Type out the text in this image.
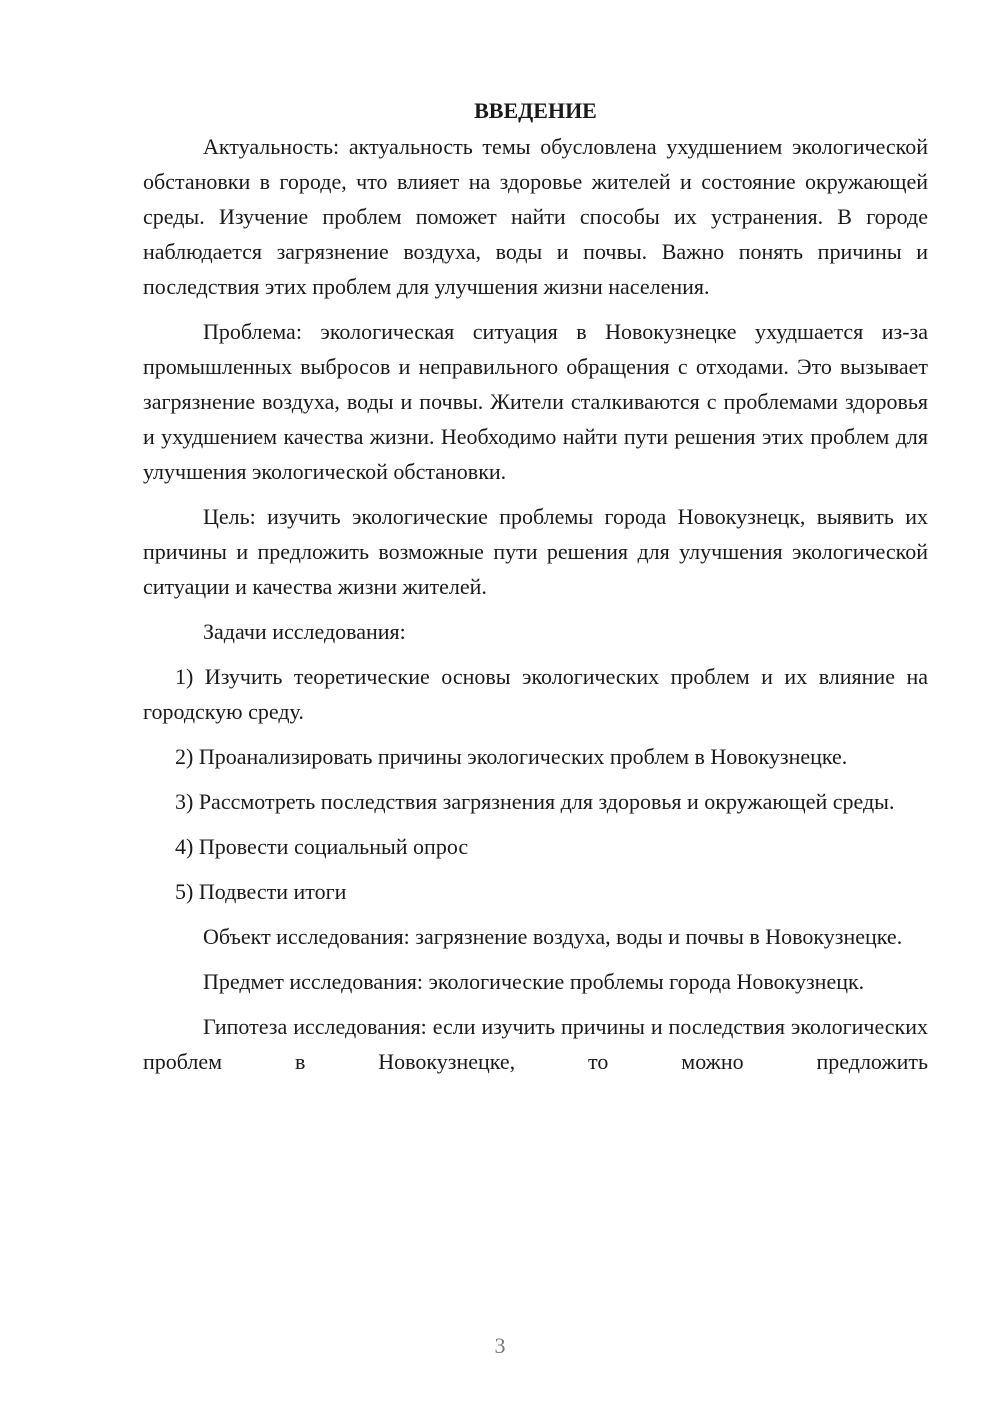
ВВЕДЕНИЕ

Актуальность: актуальность темы обусловлена ухудшением экологической обстановки в городе, что влияет на здоровье жителей и состояние окружающей среды. Изучение проблем поможет найти способы их устранения. В городе наблюдается загрязнение воздуха, воды и почвы. Важно понять причины и последствия этих проблем для улучшения жизни населения.

Проблема: экологическая ситуация в Новокузнецке ухудшается из-за промышленных выбросов и неправильного обращения с отходами. Это вызывает загрязнение воздуха, воды и почвы. Жители сталкиваются с проблемами здоровья и ухудшением качества жизни. Необходимо найти пути решения этих проблем для улучшения экологической обстановки.

Цель: изучить экологические проблемы города Новокузнецк, выявить их причины и предложить возможные пути решения для улучшения экологической ситуации и качества жизни жителей.

Задачи исследования:

1) Изучить теоретические основы экологических проблем и их влияние на городскую среду.

2) Проанализировать причины экологических проблем в Новокузнецке.

3) Рассмотреть последствия загрязнения для здоровья и окружающей среды.

4) Провести социальный опрос

5) Подвести итоги

Объект исследования: загрязнение воздуха, воды и почвы в Новокузнецке.

Предмет исследования: экологические проблемы города Новокузнецк.

Гипотеза исследования: если изучить причины и последствия экологических проблем в Новокузнецке, то можно предложить

3
